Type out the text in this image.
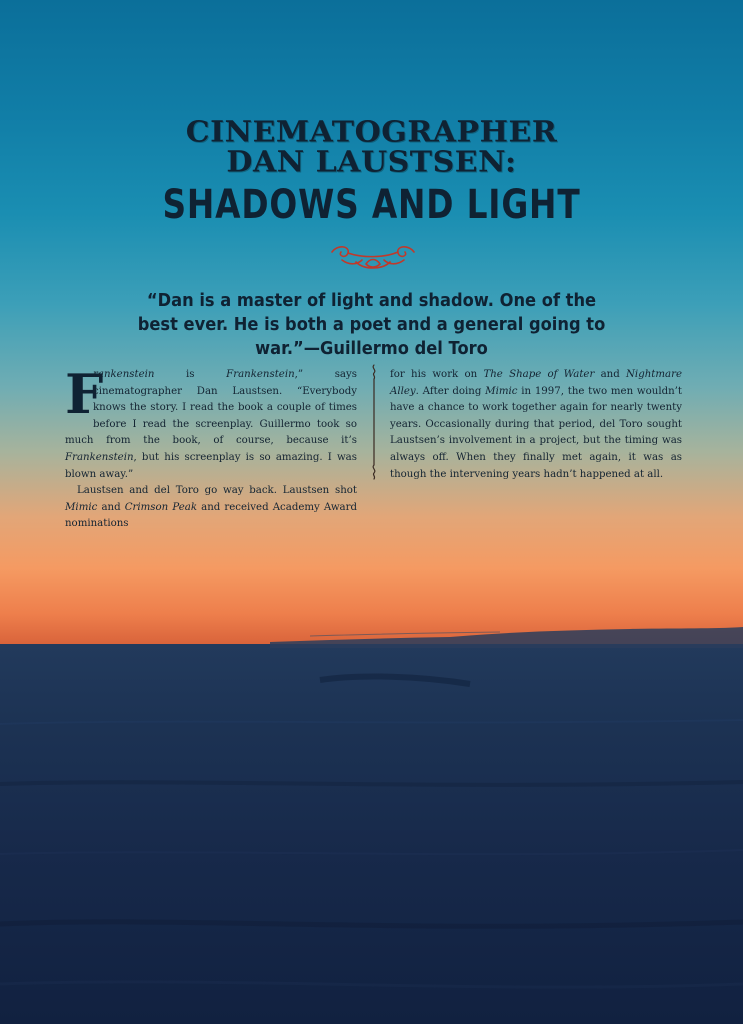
CINEMATOGRAPHER
DAN LAUSTSEN:
SHADOWS AND LIGHT
“Dan is a master of light and shadow. One of the best ever. He is both a poet and a general going to war.”—Guillermo del Toro

F
rankenstein is Frankenstein,” says cinematographer Dan Laustsen. “Everybody knows the story. I read the book a couple of times before I read the screenplay. Guillermo took so much from the book, of course, because it’s Frankenstein, but his screenplay is so amazing. I was blown away.”

Laustsen and del Toro go way back. Laustsen shot Mimic and Crimson Peak and received Academy Award nominations

for his work on The Shape of Water and Nightmare Alley. After doing Mimic in 1997, the two men wouldn’t have a chance to work together again for nearly twenty years. Occasionally during that period, del Toro sought Laustsen’s involvement in a project, but the timing was always off. When they finally met again, it was as though the intervening years hadn’t happened at all.
